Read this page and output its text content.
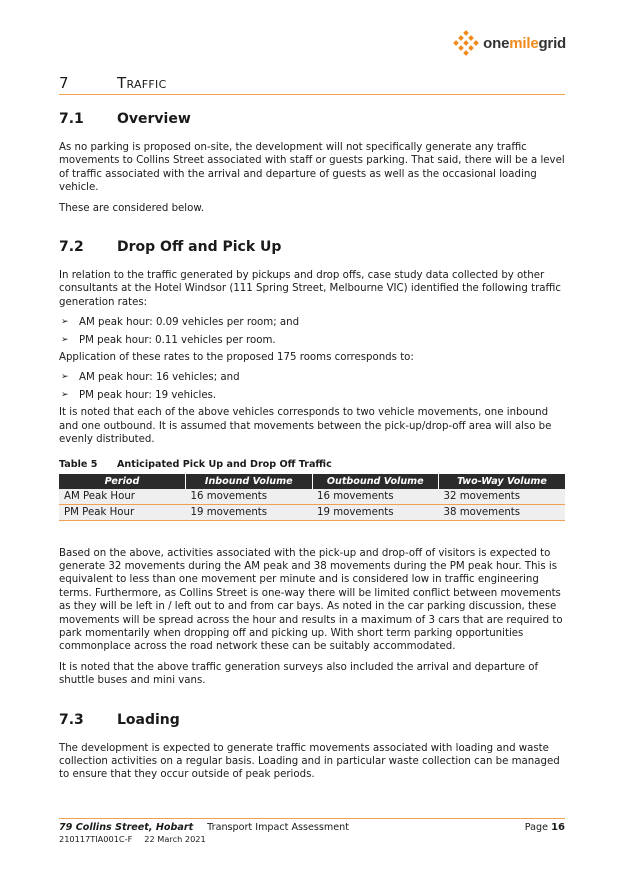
onemilegrid
7	Traffic
7.1	Overview

As no parking is proposed on-site, the development will not specifically generate any traffic movements to Collins Street associated with staff or guests parking. That said, there will be a level of traffic associated with the arrival and departure of guests as well as the occasional loading vehicle.

These are considered below.

7.2	Drop Off and Pick Up

In relation to the traffic generated by pickups and drop offs, case study data collected by other consultants at the Hotel Windsor (111 Spring Street, Melbourne VIC) identified the following traffic generation rates:

➢ AM peak hour: 0.09 vehicles per room; and
➢ PM peak hour: 0.11 vehicles per room.

Application of these rates to the proposed 175 rooms corresponds to:

➢ AM peak hour: 16 vehicles; and
➢ PM peak hour: 19 vehicles.

It is noted that each of the above vehicles corresponds to two vehicle movements, one inbound and one outbound. It is assumed that movements between the pick-up/drop-off area will also be evenly distributed.

Table 5	Anticipated Pick Up and Drop Off Traffic
Period	Inbound Volume	Outbound Volume	Two-Way Volume
AM Peak Hour	16 movements	16 movements	32 movements
PM Peak Hour	19 movements	19 movements	38 movements

Based on the above, activities associated with the pick-up and drop-off of visitors is expected to generate 32 movements during the AM peak and 38 movements during the PM peak hour. This is equivalent to less than one movement per minute and is considered low in traffic engineering terms. Furthermore, as Collins Street is one-way there will be limited conflict between movements as they will be left in / left out to and from car bays. As noted in the car parking discussion, these movements will be spread across the hour and results in a maximum of 3 cars that are required to park momentarily when dropping off and picking up. With short term parking opportunities commonplace across the road network these can be suitably accommodated.

It is noted that the above traffic generation surveys also included the arrival and departure of shuttle buses and mini vans.

7.3	Loading

The development is expected to generate traffic movements associated with loading and waste collection activities on a regular basis. Loading and in particular waste collection can be managed to ensure that they occur outside of peak periods.

79 Collins Street, Hobart Transport Impact Assessment	Page 16
210117TIA001C-F 22 March 2021
